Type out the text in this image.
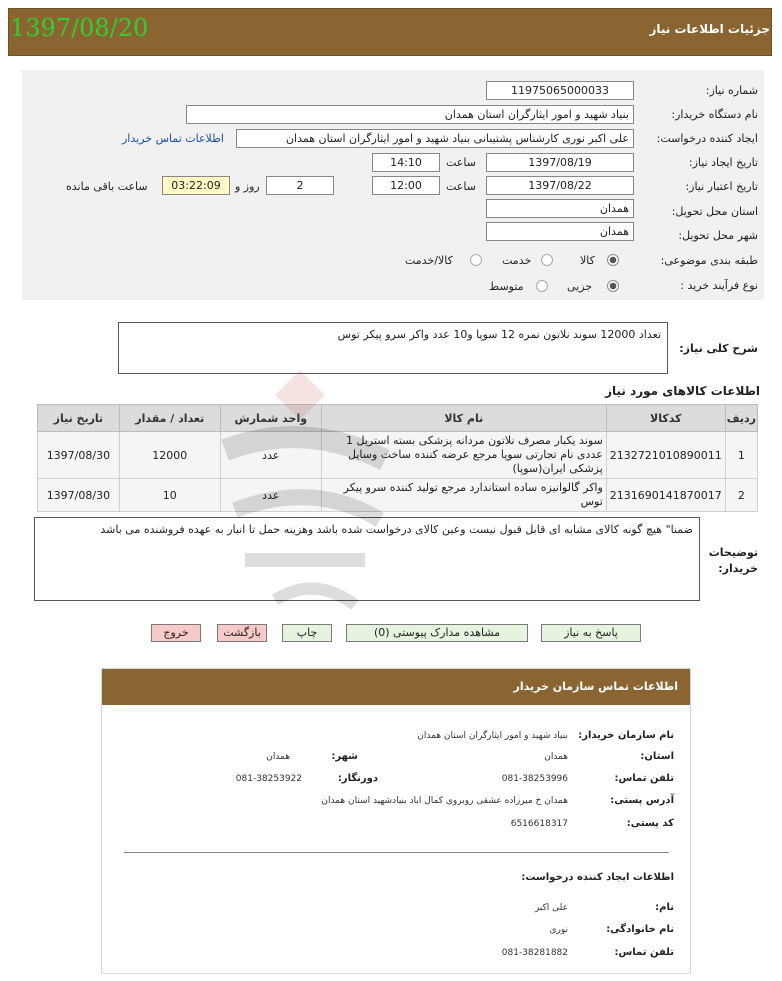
جزئیات اطلاعات نیاز
1397/08/20
شماره نیاز:
11975065000033
نام دستگاه خریدار:
بنیاد شهید و امور ایثارگران استان همدان
ایجاد کننده درخواست:
علی اکبر نوری کارشناس پشتیبانی بنیاد شهید و امور ایثارگران استان همدان
اطلاعات تماس خریدار
تاریخ ایجاد نیاز:
1397/08/19
ساعت
14:10
تاریخ اعتبار نیاز:
1397/08/22
ساعت
12:00
2
روز و
03:22:09
ساعت باقی مانده
استان محل تحویل:
همدان
شهر محل تحویل:
همدان
طبقه بندی موضوعی:
کالا
خدمت
کالا/خدمت
نوع فرآیند خرید :
جزیی
متوسط
شرح کلی نیاز:
تعداد 12000 سوند نلاتون نمره 12 سوپا و10 عدد واکر سرو پیکر توس
اطلاعات کالاهای مورد نیاز
ردیف	کدکالا	نام کالا	واحد شمارش	تعداد / مقدار	تاریخ نیاز
1	2132721010890011	سوند یکبار مصرف نلاتون مردانه پزشکی بسته استریل 1 عددی نام تجارتی سوپا مرجع عرضه کننده ساخت وسایل پزشکی ایران(سوپا)	عدد	12000	1397/08/30
2	2131690141870017	واکر گالوانیزه ساده استاندارد مرجع تولید کننده سرو پیکر توس	عدد	10	1397/08/30
توضیحات خریدار:
ضمنا" هیچ گونه کالای مشابه ای قابل قبول نیست وعین کالای درخواست شده باشد وهزینه حمل تا انبار به عهده فروشنده می باشد
پاسخ به نیاز
مشاهده مدارک پیوستی (0)
چاپ
بازگشت
خروج
اطلاعات تماس سازمان خریدار
نام سازمان خریدار:
بنیاد شهید و امور ایثارگران استان همدان
استان:
همدان
شهر:
همدان
تلفن تماس:
081-38253996
دورنگار:
081-38253922
آدرس پستی:
همدان خ میرزاده عشقی روبروی کمال اباد بنیادشهید استان همدان
کد پستی:
6516618317
اطلاعات ایجاد کننده درخواست:
نام:
علی اکبر
نام خانوادگی:
نوری
تلفن تماس:
081-38281882
